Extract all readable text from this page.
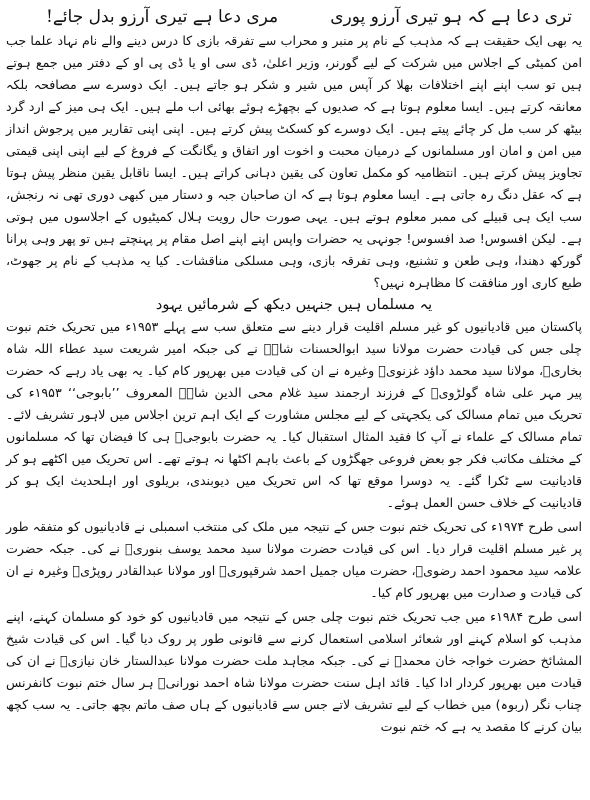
تری دعا ہے کہ ہو تیری آرزو پوری
مری دعا ہے تیری آرزو بدل جائے!

یہ بھی ایک حقیقت ہے کہ مذہب کے نام پر منبر و محراب سے تفرقہ بازی کا درس دینے والے نام نہاد علما جب امن کمیٹی کے اجلاس میں شرکت کے لیے گورنر، وزیر اعلیٰ، ڈی سی او یا ڈی پی او کے دفتر میں جمع ہوتے ہیں تو سب اپنے اپنے اختلافات بھلا کر آپس میں شیر و شکر ہو جاتے ہیں۔ ایک دوسرے سے مصافحہ بلکہ معانقہ کرتے ہیں۔ ایسا معلوم ہوتا ہے کہ صدیوں کے بچھڑے ہوئے بھائی اب ملے ہیں۔ ایک ہی میز کے ارد گرد بیٹھ کر سب مل کر چائے پیتے ہیں۔ ایک دوسرے کو کسکٹ پیش کرتے ہیں۔ اپنی اپنی تقاریر میں پرجوش انداز میں امن و امان اور مسلمانوں کے درمیان محبت و اخوت اور اتفاق و یگانگت کے فروغ کے لیے اپنی اپنی قیمتی تجاویز پیش کرتے ہیں۔ انتظامیہ کو مکمل تعاون کی یقین دہانی کراتے ہیں۔ ایسا ناقابل یقین منظر پیش ہوتا ہے کہ عقل دنگ رہ جاتی ہے۔ ایسا معلوم ہوتا ہے کہ ان صاحبان جبہ و دستار میں کبھی دوری تھی نہ رنجش، سب ایک ہی قبیلے کی ممبر معلوم ہوتے ہیں۔ یہی صورت حال رویت ہلال کمیٹیوں کے اجلاسوں میں ہوتی ہے۔ لیکن افسوس! صد افسوس! جونہی یہ حضرات واپس اپنے اپنے اصل مقام پر پہنچتے ہیں تو پھر وہی پرانا گورکھ دھندا، وہی طعن و تشنیع، وہی تفرقہ بازی، وہی مسلکی مناقشات۔ کیا یہ مذہب کے نام پر جھوٹ، طبع کاری اور منافقت کا مظاہرہ نہیں؟

یہ مسلماں ہیں جنہیں دیکھ کے شرمائیں یہود

پاکستان میں قادیانیوں کو غیر مسلم اقلیت قرار دینے سے متعلق سب سے پہلے ۱۹۵۳ء میں تحریک ختم نبوت چلی جس کی قیادت حضرت مولانا سید ابوالحسنات شاہؒ نے کی جبکہ امیر شریعت سید عطاء اللہ شاہ بخاریؒ، مولانا سید محمد داؤد غزنویؒ وغیرہ نے ان کی قیادت میں بھرپور کام کیا۔ یہ بھی یاد رہے کہ حضرت پیر مہر علی شاہ گولڑویؒ کے فرزند ارجمند سید غلام محی الدین شاہؒ المعروف ’’بابوجی‘‘ ۱۹۵۳ء کی تحریک میں تمام مسالک کی یکجہتی کے لیے مجلس مشاورت کے ایک اہم ترین اجلاس میں لاہور تشریف لائے۔ تمام مسالک کے علماء نے آپ کا فقید المثال استقبال کیا۔ یہ حضرت بابوجیؒ ہی کا فیضان تھا کہ مسلمانوں کے مختلف مکاتب فکر جو بعض فروعی جھگڑوں کے باعث باہم اکٹھا نہ ہوتے تھے۔ اس تحریک میں اکٹھے ہو کر قادیانیت سے ٹکرا گئے۔ یہ دوسرا موقع تھا کہ اس تحریک میں دیوبندی، بریلوی اور اہلحدیث ایک ہو کر قادیانیت کے خلاف حسن العمل ہوئے۔

اسی طرح ۱۹۷۴ء کی تحریک ختم نبوت جس کے نتیجہ میں ملک کی منتخب اسمبلی نے قادیانیوں کو متفقہ طور پر غیر مسلم اقلیت قرار دیا۔ اس کی قیادت حضرت مولانا سید محمد یوسف بنوریؒ نے کی۔ جبکہ حضرت علامہ سید محمود احمد رضویؒ، حضرت میاں جمیل احمد شرقپوریؒ اور مولانا عبدالقادر روپڑیؒ وغیرہ نے ان کی قیادت و صدارت میں بھرپور کام کیا۔

اسی طرح ۱۹۸۴ء میں جب تحریک ختم نبوت چلی جس کے نتیجہ میں قادیانیوں کو خود کو مسلمان کہنے، اپنے مذہب کو اسلام کہنے اور شعائر اسلامی استعمال کرنے سے قانونی طور پر روک دیا گیا۔ اس کی قیادت شیخ المشائخ حضرت خواجہ خان محمدؒ نے کی۔ جبکہ مجاہد ملت حضرت مولانا عبدالستار خان نیازیؒ نے ان کی قیادت میں بھرپور کردار ادا کیا۔ قائد اہل سنت حضرت مولانا شاہ احمد نورانیؒ ہر سال ختم نبوت کانفرنس چناب نگر (ربوہ) میں خطاب کے لیے تشریف لاتے جس سے قادیانیوں کے ہاں صف ماتم بچھ جاتی۔ یہ سب کچھ بیان کرنے کا مقصد یہ ہے کہ ختم نبوت
